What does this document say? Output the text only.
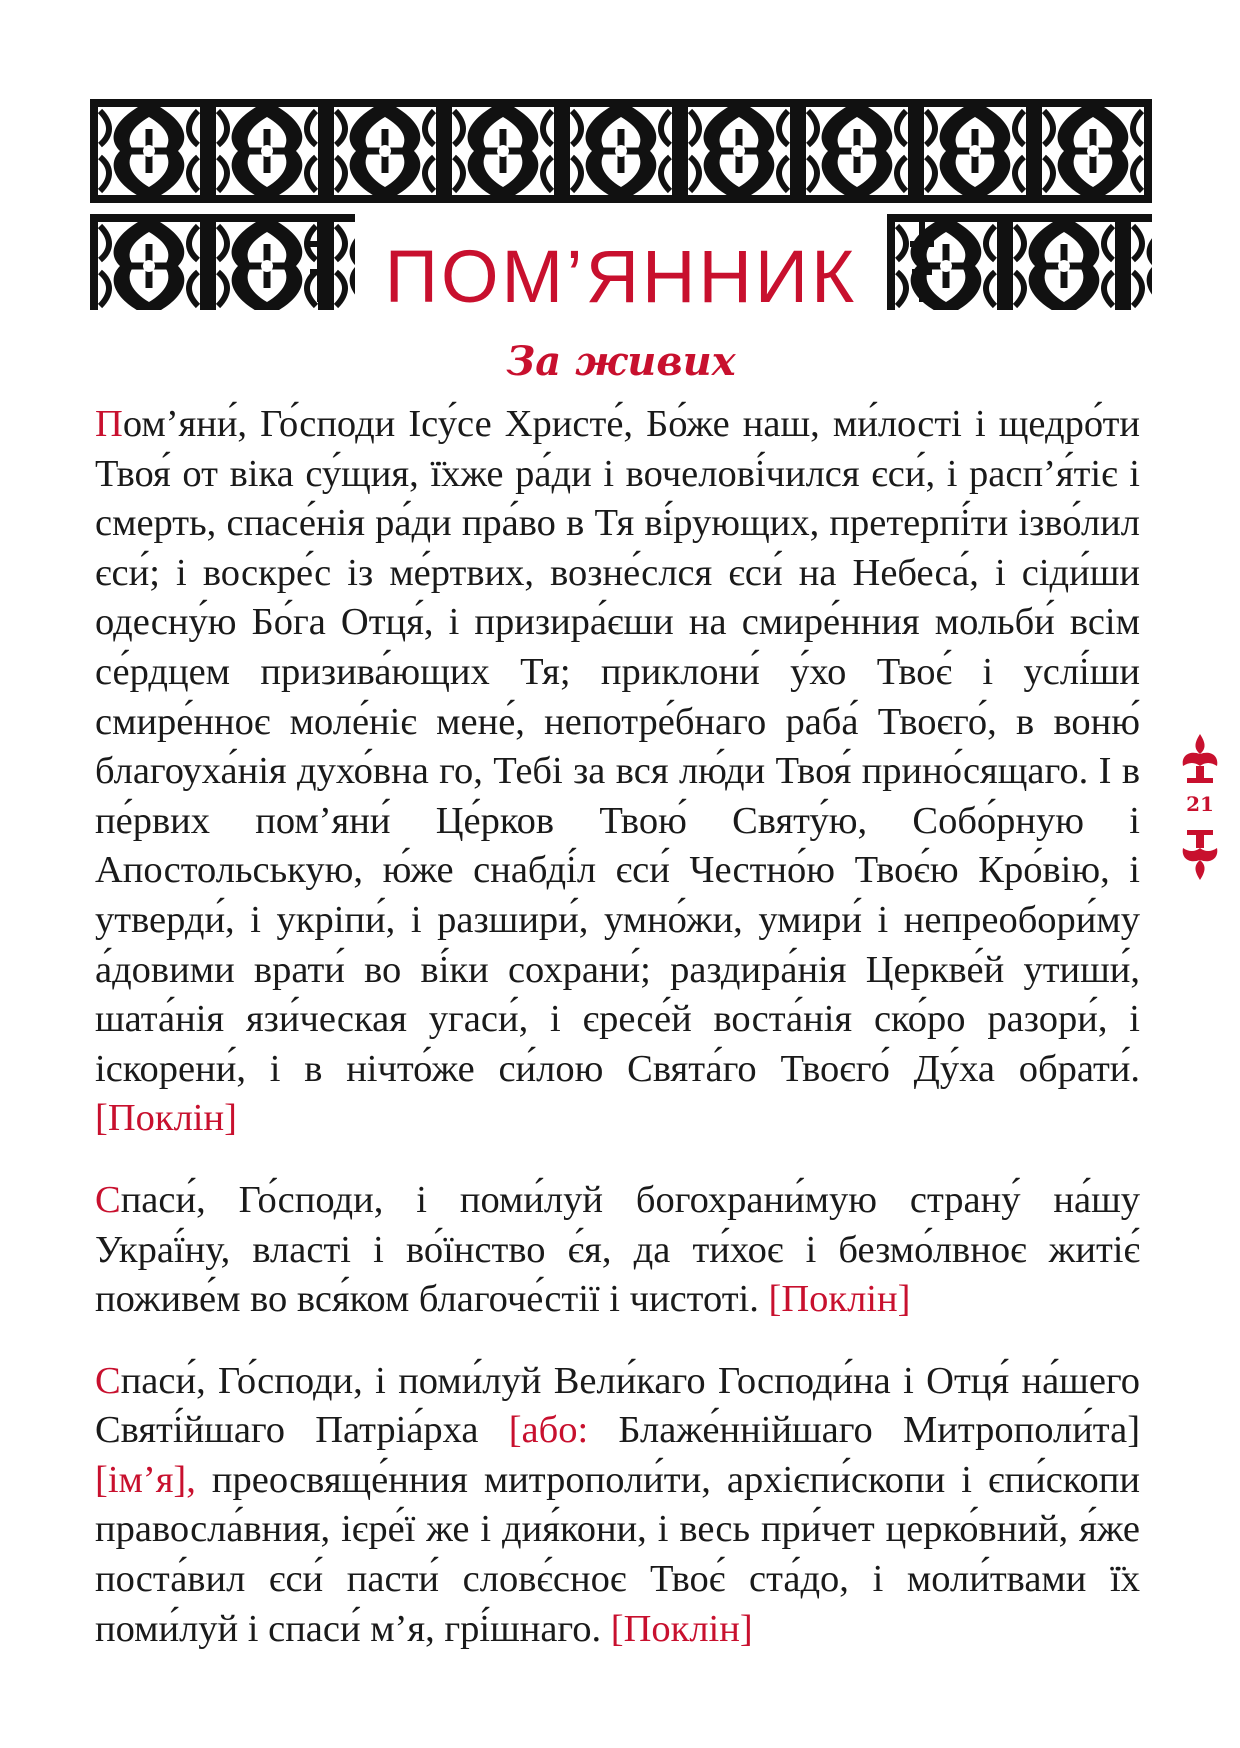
ПОМ’ЯННИК
За живих

Пом’яни́, Го́споди Ісу́се Христе́, Бо́же наш, ми́лості і щедро́ти Твоя́ от віка су́щия, ї̈хже ра́ди і вочелові́чился єси́, і расп’я́тіє і смерть, спасе́нія ра́ди пра́во в Тя ві́рующих, претерпі́ти ізво́лил єси́; і воскре́с із ме́ртвих, возне́слся єси́ на Небеса́, і сіди́ши одесну́ю Бо́га Отця́, і призира́єши на смире́нния мольби́ всім се́рдцем призива́ющих Тя; приклони́ у́хо Твоє́ і услі́ши смире́нноє моле́ніє мене́, непотре́бнаго раба́ Твоєго́, в воню́ благоуха́нія духо́вна го, Тебі за вся лю́ди Твоя́ прино́сящаго. І в пе́рвих пом’яни́ Це́рков Твою́ Святу́ю, Собо́рную і Апостольськую, ю́же снабді́л єси́ Честно́ю Твоє́ю Кро́вію, і утверди́, і укріпи́, і разшири́, умно́жи, умири́ і непреобори́му а́довими врати́ во ві́ки сохрани́; раздира́нія Церкве́й утиши́, шата́нія язи́ческая угаси́, і єресе́й воста́нія ско́ро разори́, і іскорени́, і в нічто́же си́лою Свята́го Твоєго́ Ду́ха обрати́. [Поклін]

Спаси́, Го́споди, і поми́луй богохрани́мую страну́ на́шу Украї́ну, власті і во́їнство є́я, да ти́хоє і безмо́лвноє житіє́ поживе́м во вся́ком благоче́стії і чистоті. [Поклін]

Спаси́, Го́споди, і поми́луй Вели́каго Господи́на і Отця́ на́шего Святі́йшаго Патріа́рха [або: Блаже́ннійшаго Митрополи́та] [ім’я], преосвяще́нния митрополи́ти, архієпи́скопи і єпи́скопи правосла́вния, ієре́ї же і дия́кони, і весь при́чет церко́вний, я́же поста́вил єси́ пасти́ словє́сноє Твоє́ ста́до, і моли́твами ї̈х поми́луй і спаси́ м’я, грі́шнаго. [Поклін]

21
